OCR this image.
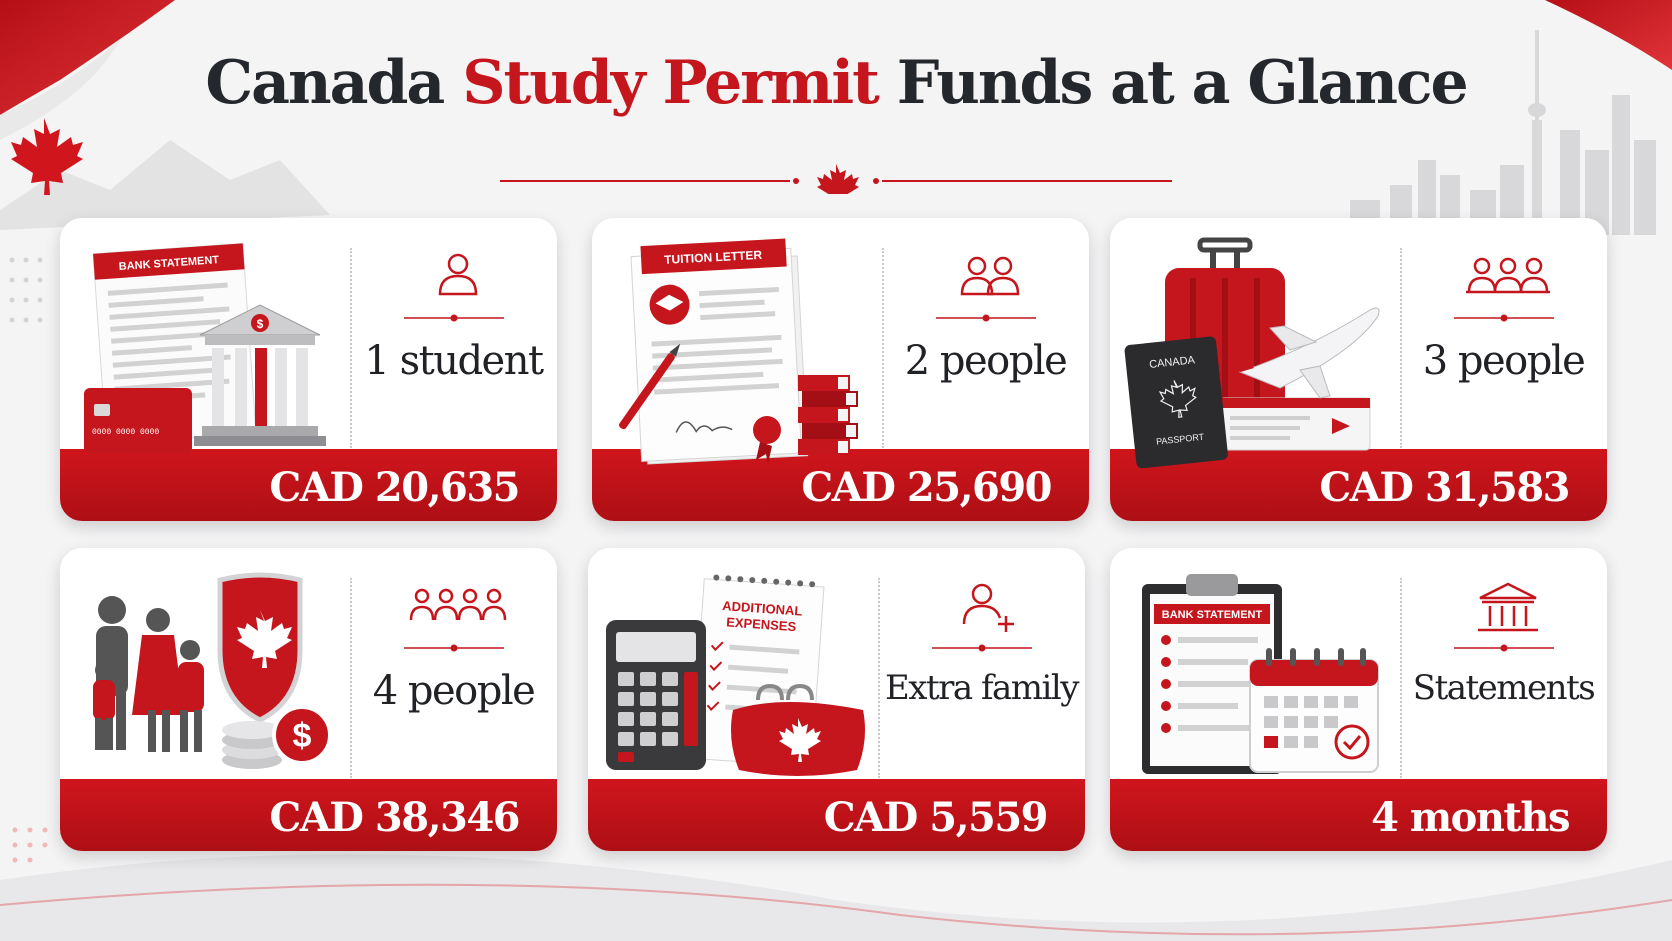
Canada Study Permit Funds at a Glance
BANK STATEMENT
$
0000 0000 0000
1 student
CAD 20,635
TUITION LETTER
2 people
CAD 25,690
CANADA
PASSPORT
3 people
CAD 31,583
$
4 people
CAD 38,346
ADDITIONAL
EXPENSES
Extra family
CAD 5,559
BANK STATEMENT
Statements
4 months
